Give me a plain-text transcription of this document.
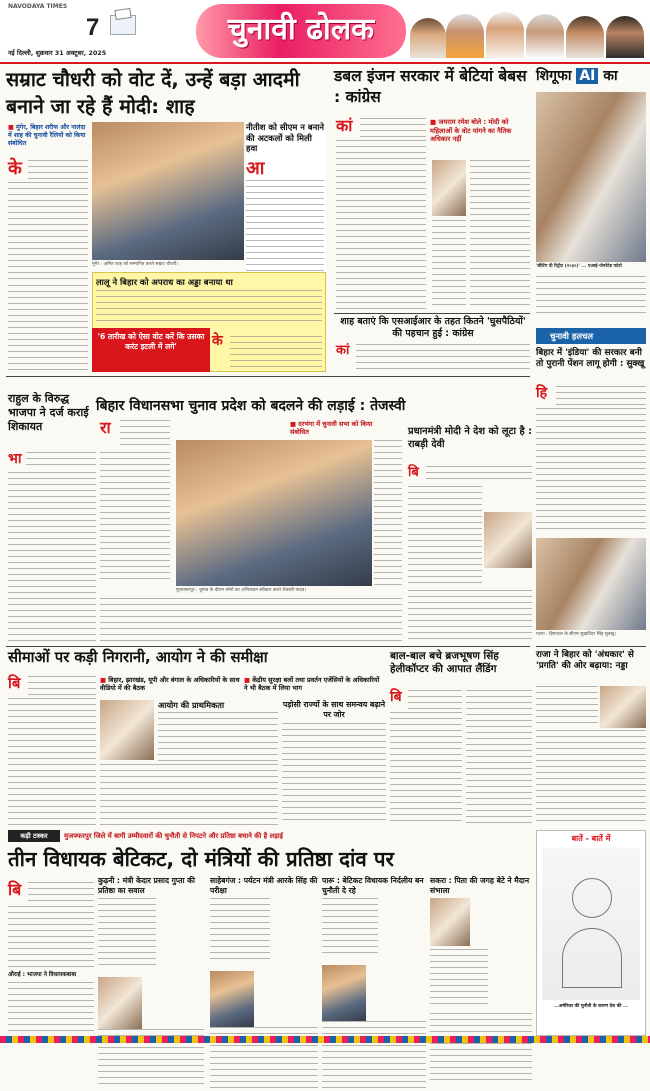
NAVODAYA TIMES
7
नई दिल्ली, शुक्रवार 31 अक्टूबर, 2025
चुनावी ढोलक
सम्राट चौधरी को वोट दें, उन्हें बड़ा आदमी बनाने जा रहे हैं मोदी: शाह
■ मुंगेर, बिहार शरीफ और नालंदा में शाह की चुनावी रैलियों को किया संबोधित
के
मुंगेर : अमित शाह को सम्मानित करते सम्राट चौधरी।
नीतीश को सीएम न बनाने की अटकलों को मिली हवा
आ
लालू ने बिहार को अपराध का अड्डा बनाया था
'6 तारीख को ऐसा वोट करें कि उसका करंट इटली में लगे'	के
डबल इंजन सरकार में बेटियां बेबस : कांग्रेस
कां	■ जयराम रमेश बोले : मोदी को महिलाओं के वोट मांगने का नैतिक अधिकार नहीं
शाह बताएं कि एसआईआर के तहत कितने 'घुसपैठियों' की पहचान हुई : कांग्रेस
कां
शिगूफा AI का
'बीटिंग दी रिट्रीट (२०३०)' ... एआई-जेनरेटेड फोटो
चुनावी हलचल
बिहार में 'इंडिया' की सरकार बनी तो पुरानी पेंशन लागू होगी : सुक्खू
हि
राहुल के विरुद्ध भाजपा ने दर्ज कराई शिकायत
भा
बिहार विधानसभा चुनाव प्रदेश को बदलने की लड़ाई : तेजस्वी
रा	■ दरभंगा में चुनावी सभा को किया संबोधित
मुजफ्फरपुर : चुनाव के दौरान लोगों का अभिवादन स्वीकार करते तेजस्वी यादव।
प्रधानमंत्री मोदी ने देश को लूटा है : राबड़ी देवी
बि
पटना : हिमाचल के सीएम सुखविंदर सिंह सुक्खू।
राजा ने बिहार को 'अंधकार' से 'प्रगति' की ओर बढ़ाया: नड्डा
सीमाओं पर कड़ी निगरानी, आयोग ने की समीक्षा
बि	■ बिहार, झारखंड, यूपी और बंगाल के अधिकारियों के साथ वीडियो में की बैठक
■ केंद्रीय सुरक्षा बलों तथा प्रवर्तन एजेंसियों के अधिकारियों ने भी बैठक में लिया भाग
आयोग की प्राथमिकता	पड़ोसी राज्यों के साथ समन्वय बढ़ाने पर जोर
बाल-बाल बचे ब्रजभूषण सिंह हेलीकॉप्टर की आपात लैंडिंग
बि
बातें - बातें में
...अमेरिका की चुनौती के कारण देश की ...
कड़ी टक्कर	मुजफ्फरपुर जिले में बागी उम्मीदवारों की चुनौती से निपटने और प्रतिष्ठा बचाने की है लड़ाई
तीन विधायक बेटिकट, दो मंत्रियों की प्रतिष्ठा दांव पर
बि
औराई : भाजपा ने विधायकबाबा
कुढ़नी : मंत्री केदार प्रसाद गुप्ता की प्रतिष्ठा का सवाल

साहेबगंज : पर्यटन मंत्री आरके सिंह की परीक्षा

पारू : बेटिकट विधायक निर्दलीय बन चुनौती दे रहे

सकरा : पिता की जगह बेटे ने मैदान संभाला
